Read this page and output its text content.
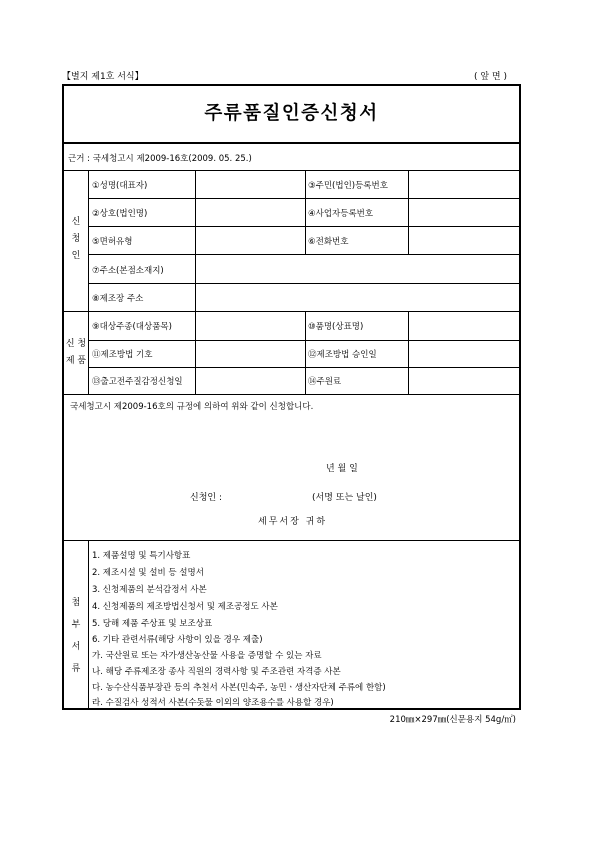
【별지 제1호 서식】	( 앞 면 )
주류품질인증신청서
근거 : 국세청고시 제2009-16호(2009. 05. 25.)
신
청
인
①성명(대표자)	③주민(법인)등록번호
②상호(법인명)	④사업자등록번호
⑤면허유형	⑥전화번호
⑦주소(본점소재지)
⑧제조장 주소
신 청
제 품
⑨대상주종(대상품목)	⑩품명(상표명)
⑪제조방법 기호	⑫제조방법 승인일
⑬출고전주질감정신청일	⑭주원료
국세청고시 제2009-16호의 규정에 의하여 위와 같이 신청합니다.
년 월 일
신청인 :	(서명 또는 날인)
세무서장 귀하
첨
부
서
류
1. 제품설명 및 특기사항표
2. 제조시설 및 설비 등 설명서
3. 신청제품의 분석감정서 사본
4. 신청제품의 제조방법신청서 및 제조공정도 사본
5. 당해 제품 주상표 및 보조상표
6. 기타 관련서류(해당 사항이 있을 경우 제출)
가. 국산원료 또는 자가생산농산물 사용을 증명할 수 있는 자료
나. 해당 주류제조장 종사 직원의 경력사항 및 주조관련 자격증 사본
다. 농수산식품부장관 등의 추천서 사본(민속주, 농민ㆍ생산자단체 주류에 한함)
라. 수질검사 성적서 사본(수돗물 이외의 양조용수를 사용할 경우)
210㎜×297㎜(신문용지 54g/㎡)
